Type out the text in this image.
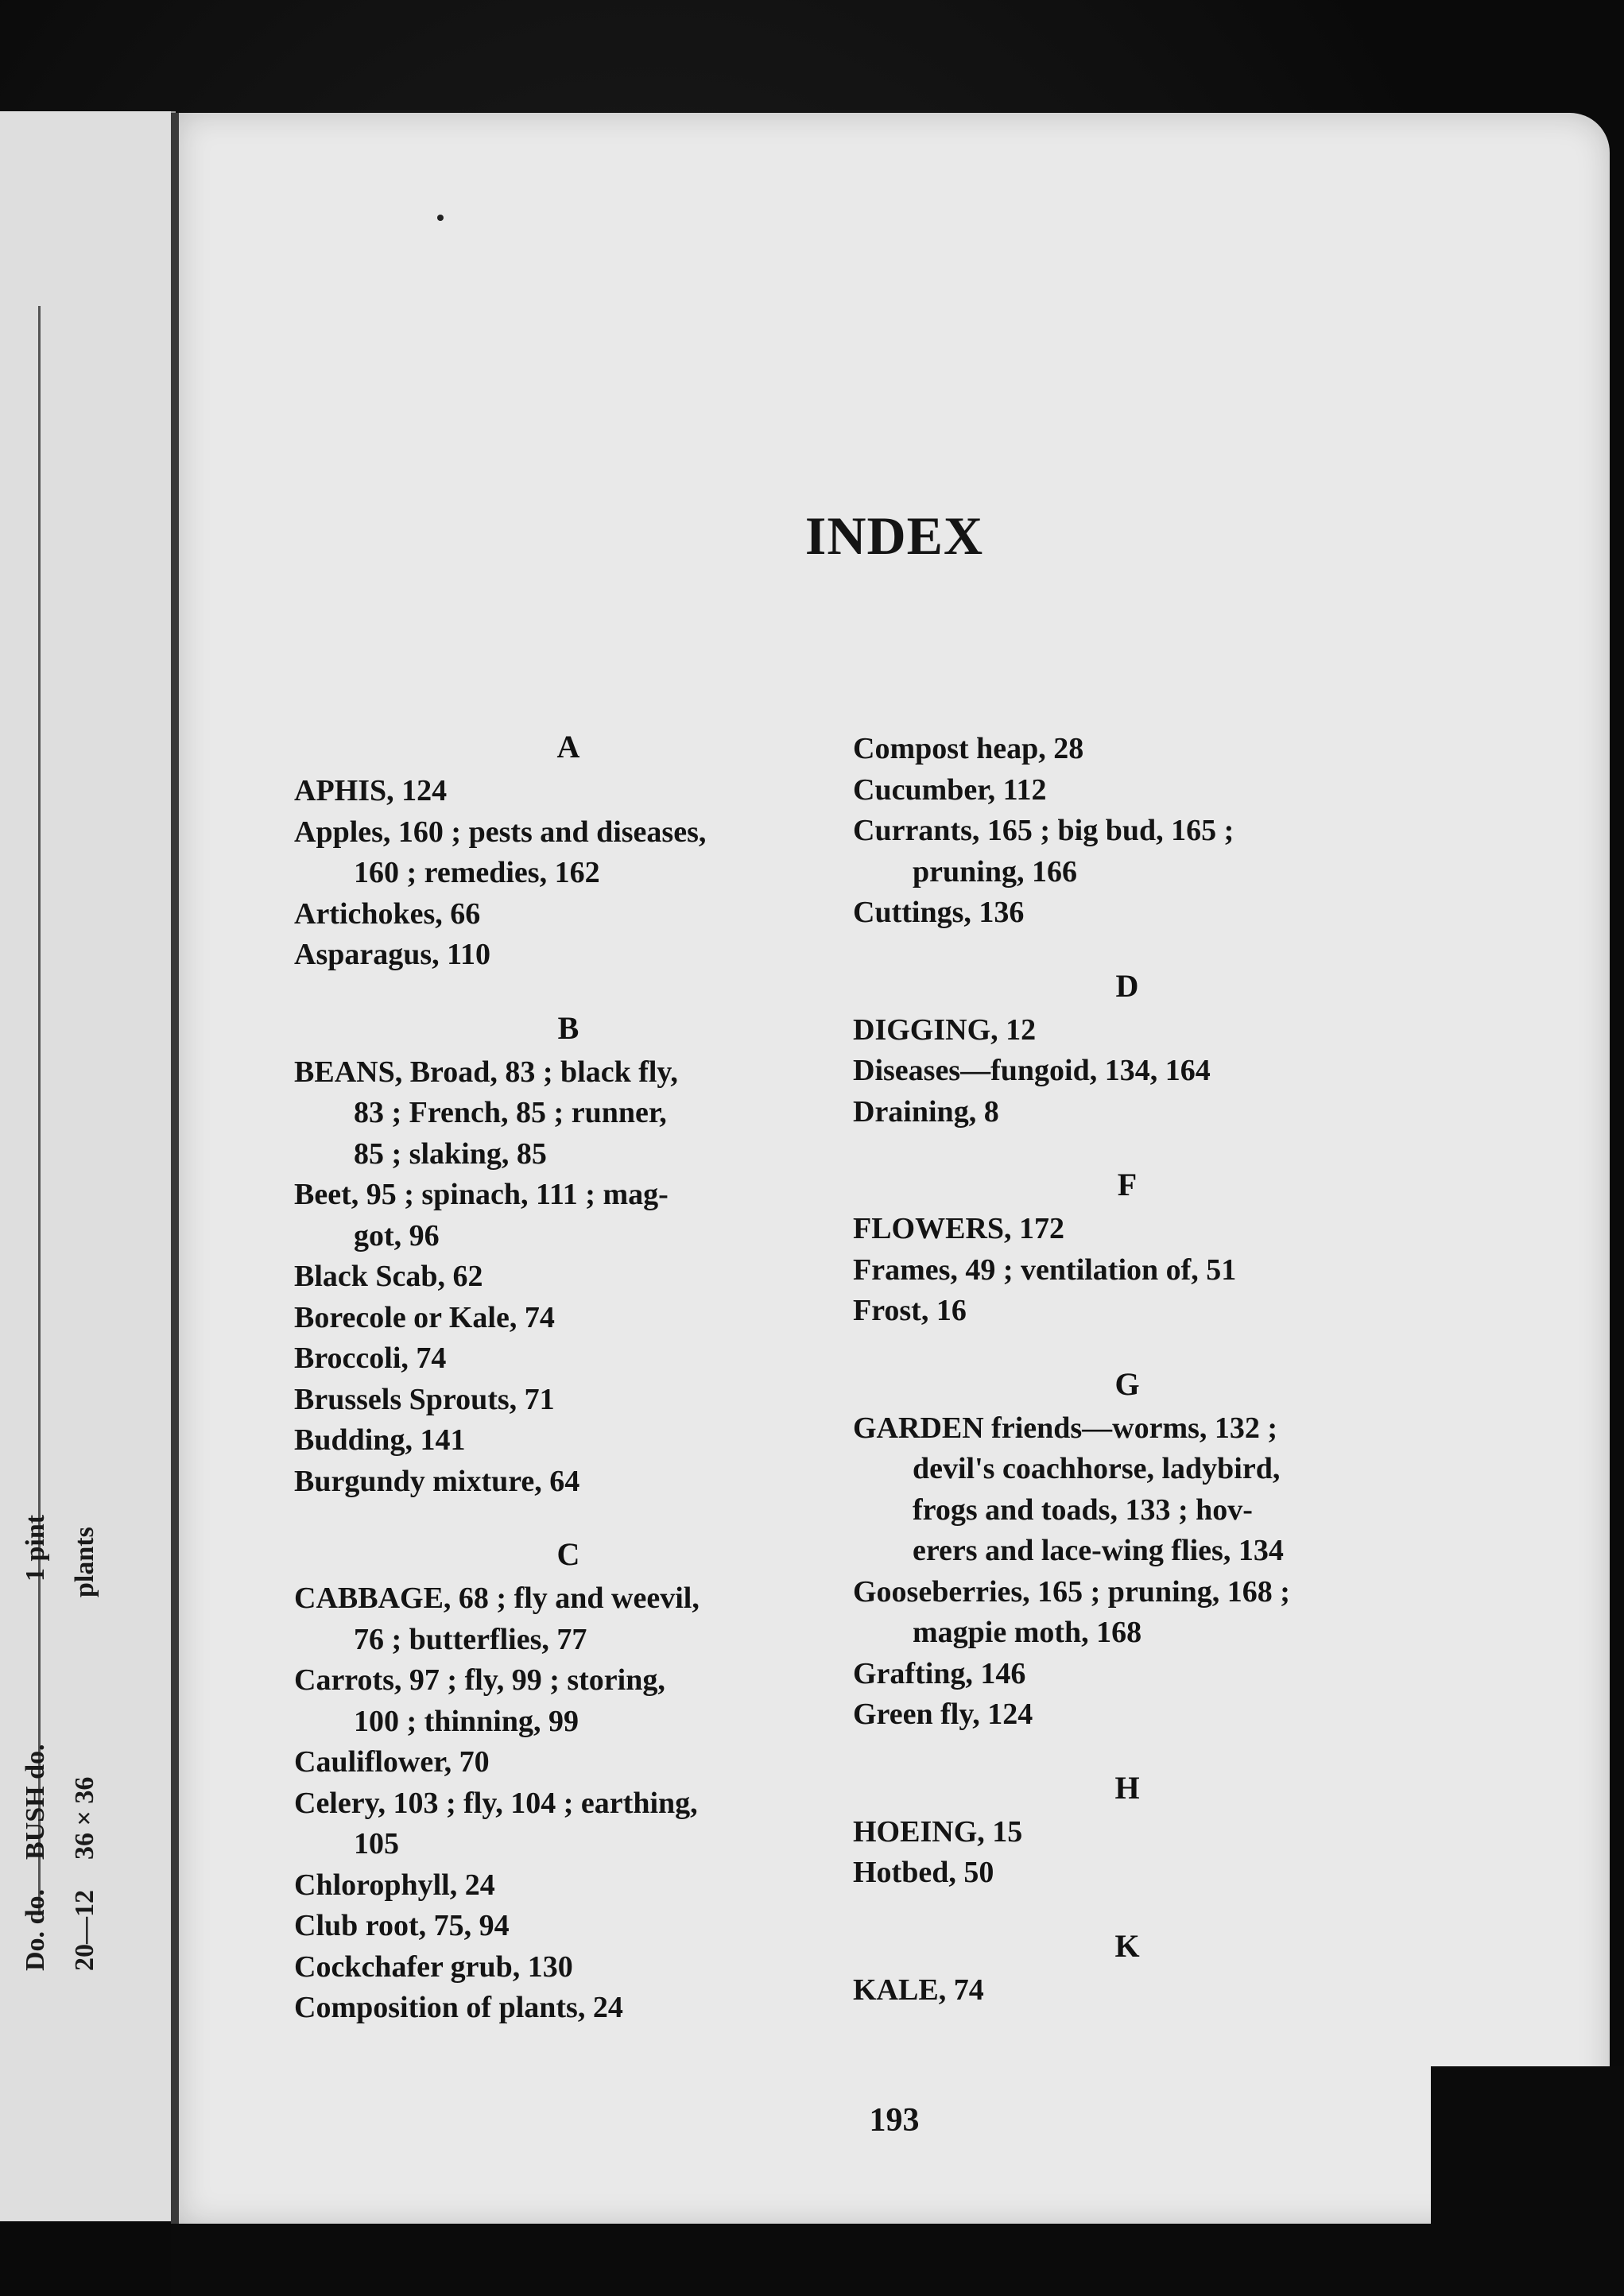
Do. do.
BUSH do.
1 pint
20—12
36 × 36
plants
INDEX
A
APHIS, 124
Apples, 160 ; pests and diseases,
160 ; remedies, 162
Artichokes, 66
Asparagus, 110
B
BEANS, Broad, 83 ; black fly,
83 ; French, 85 ; runner,
85 ; slaking, 85
Beet, 95 ; spinach, 111 ; mag-
got, 96
Black Scab, 62
Borecole or Kale, 74
Broccoli, 74
Brussels Sprouts, 71
Budding, 141
Burgundy mixture, 64
C
CABBAGE, 68 ; fly and weevil,
76 ; butterflies, 77
Carrots, 97 ; fly, 99 ; storing,
100 ; thinning, 99
Cauliflower, 70
Celery, 103 ; fly, 104 ; earthing,
105
Chlorophyll, 24
Club root, 75, 94
Cockchafer grub, 130
Composition of plants, 24
Compost heap, 28
Cucumber, 112
Currants, 165 ; big bud, 165 ;
pruning, 166
Cuttings, 136
D
DIGGING, 12
Diseases—fungoid, 134, 164
Draining, 8
F
FLOWERS, 172
Frames, 49 ; ventilation of, 51
Frost, 16
G
GARDEN friends—worms, 132 ;
devil's coachhorse, ladybird,
frogs and toads, 133 ; hov-
erers and lace-wing flies, 134
Gooseberries, 165 ; pruning, 168 ;
magpie moth, 168
Grafting, 146
Green fly, 124
H
HOEING, 15
Hotbed, 50
K
KALE, 74
193
